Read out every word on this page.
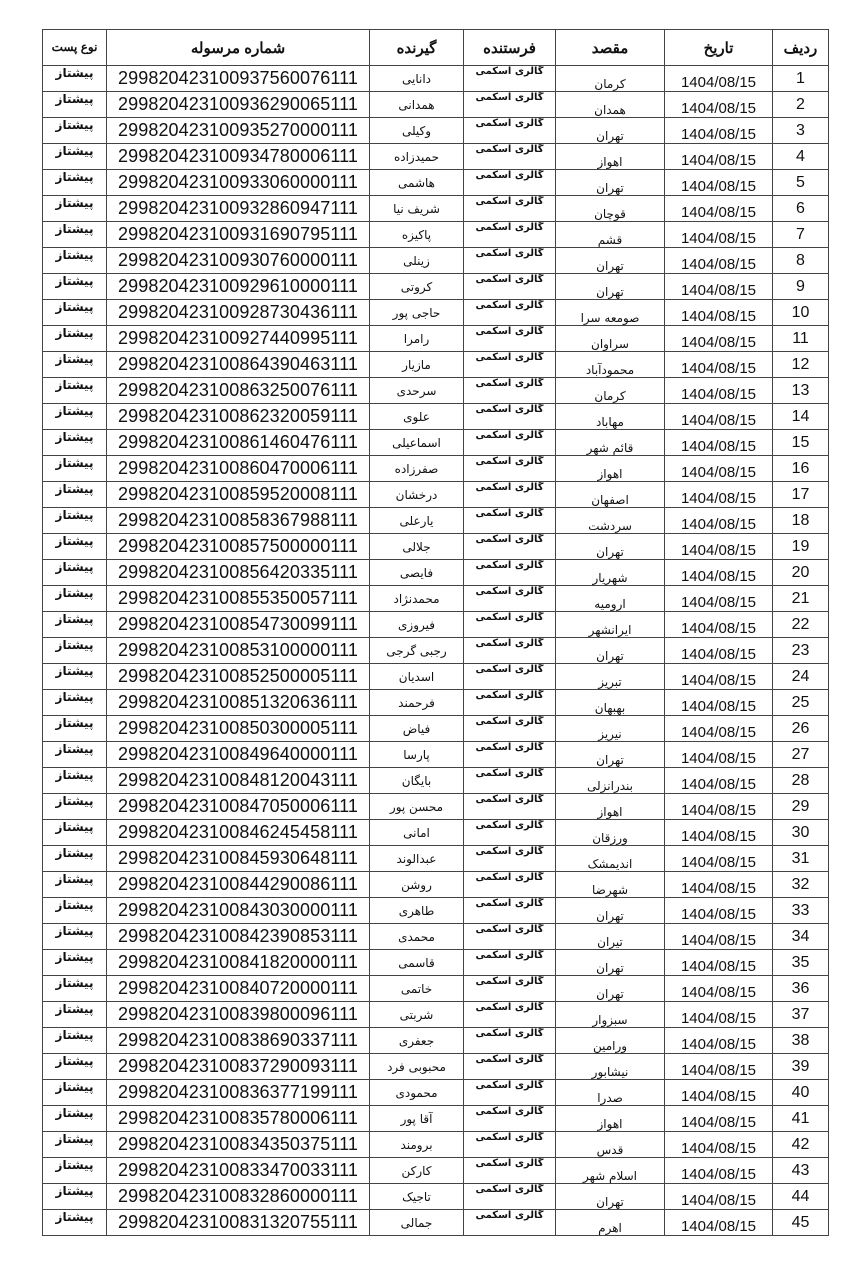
ردیف	تاریخ	مقصد	فرستنده	گیرنده	شماره مرسوله	نوع پست
1	1404/08/15	کرمان	گالری اسکمی	دانایی	299820423100937560076111	پیشتاز
2	1404/08/15	همدان	گالری اسکمی	همدانی	299820423100936290065111	پیشتاز
3	1404/08/15	تهران	گالری اسکمی	وکیلی	299820423100935270000111	پیشتاز
4	1404/08/15	اهواز	گالری اسکمی	حمیدزاده	299820423100934780006111	پیشتاز
5	1404/08/15	تهران	گالری اسکمی	هاشمی	299820423100933060000111	پیشتاز
6	1404/08/15	قوچان	گالری اسکمی	شریف نیا	299820423100932860947111	پیشتاز
7	1404/08/15	قشم	گالری اسکمی	پاکیزه	299820423100931690795111	پیشتاز
8	1404/08/15	تهران	گالری اسکمی	زینلی	299820423100930760000111	پیشتاز
9	1404/08/15	تهران	گالری اسکمی	کروتی	299820423100929610000111	پیشتاز
10	1404/08/15	صومعه سرا	گالری اسکمی	حاجی پور	299820423100928730436111	پیشتاز
11	1404/08/15	سراوان	گالری اسکمی	رامرا	299820423100927440995111	پیشتاز
12	1404/08/15	محمودآباد	گالری اسکمی	مازیار	299820423100864390463111	پیشتاز
13	1404/08/15	کرمان	گالری اسکمی	سرحدی	299820423100863250076111	پیشتاز
14	1404/08/15	مهاباد	گالری اسکمی	علوی	299820423100862320059111	پیشتاز
15	1404/08/15	قائم شهر	گالری اسکمی	اسماعیلی	299820423100861460476111	پیشتاز
16	1404/08/15	اهواز	گالری اسکمی	صفرزاده	299820423100860470006111	پیشتاز
17	1404/08/15	اصفهان	گالری اسکمی	درخشان	299820423100859520008111	پیشتاز
18	1404/08/15	سردشت	گالری اسکمی	یارعلی	299820423100858367988111	پیشتاز
19	1404/08/15	تهران	گالری اسکمی	جلالی	299820423100857500000111	پیشتاز
20	1404/08/15	شهریار	گالری اسکمی	فایصی	299820423100856420335111	پیشتاز
21	1404/08/15	ارومیه	گالری اسکمی	محمدنژاد	299820423100855350057111	پیشتاز
22	1404/08/15	ایرانشهر	گالری اسکمی	فیروزی	299820423100854730099111	پیشتاز
23	1404/08/15	تهران	گالری اسکمی	رجبی گرجی	299820423100853100000111	پیشتاز
24	1404/08/15	تبریز	گالری اسکمی	اسدیان	299820423100852500005111	پیشتاز
25	1404/08/15	بهبهان	گالری اسکمی	فرحمند	299820423100851320636111	پیشتاز
26	1404/08/15	نیریز	گالری اسکمی	فیاض	299820423100850300005111	پیشتاز
27	1404/08/15	تهران	گالری اسکمی	پارسا	299820423100849640000111	پیشتاز
28	1404/08/15	بندرانزلی	گالری اسکمی	بایگان	299820423100848120043111	پیشتاز
29	1404/08/15	اهواز	گالری اسکمی	محسن پور	299820423100847050006111	پیشتاز
30	1404/08/15	ورزقان	گالری اسکمی	امانی	299820423100846245458111	پیشتاز
31	1404/08/15	اندیمشک	گالری اسکمی	عبدالوند	299820423100845930648111	پیشتاز
32	1404/08/15	شهرضا	گالری اسکمی	روشن	299820423100844290086111	پیشتاز
33	1404/08/15	تهران	گالری اسکمی	طاهری	299820423100843030000111	پیشتاز
34	1404/08/15	تیران	گالری اسکمی	محمدی	299820423100842390853111	پیشتاز
35	1404/08/15	تهران	گالری اسکمی	قاسمی	299820423100841820000111	پیشتاز
36	1404/08/15	تهران	گالری اسکمی	خاتمی	299820423100840720000111	پیشتاز
37	1404/08/15	سبزوار	گالری اسکمی	شربتی	299820423100839800096111	پیشتاز
38	1404/08/15	ورامین	گالری اسکمی	جعفری	299820423100838690337111	پیشتاز
39	1404/08/15	نیشابور	گالری اسکمی	محبوبی فرد	299820423100837290093111	پیشتاز
40	1404/08/15	صدرا	گالری اسکمی	محمودی	299820423100836377199111	پیشتاز
41	1404/08/15	اهواز	گالری اسکمی	آقا پور	299820423100835780006111	پیشتاز
42	1404/08/15	قدس	گالری اسکمی	برومند	299820423100834350375111	پیشتاز
43	1404/08/15	اسلام شهر	گالری اسکمی	کارکن	299820423100833470033111	پیشتاز
44	1404/08/15	تهران	گالری اسکمی	تاجیک	299820423100832860000111	پیشتاز
45	1404/08/15	اهرم	گالری اسکمی	جمالی	299820423100831320755111	پیشتاز
